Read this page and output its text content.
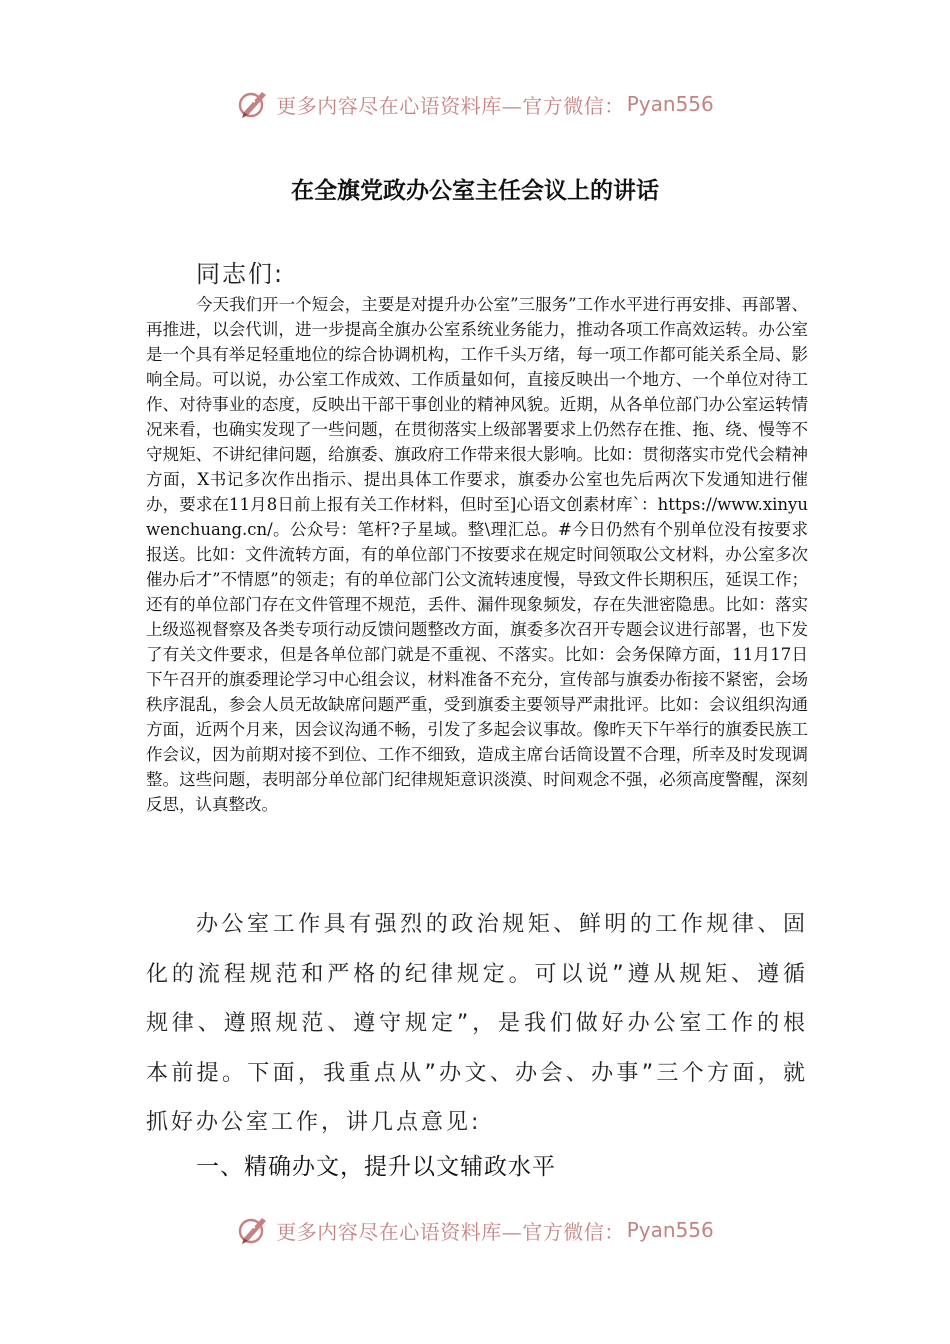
更多内容尽在心语资料库—官方微信： Pyan556
在全旗党政办公室主任会议上的讲话
同志们:

今天我们开一个短会，主要是对提升办公室”三服务”工作水平进行再安排、再部署、再推进，以会代训，进一步提高全旗办公室系统业务能力，推动各项工作高效运转。办公室是一个具有举足轻重地位的综合协调机构，工作千头万绪，每一项工作都可能关系全局、影响全局。可以说，办公室工作成效、工作质量如何，直接反映出一个地方、一个单位对待工作、对待事业的态度，反映出干部干事创业的精神风貌。近期，从各单位部门办公室运转情况来看，也确实发现了一些问题，在贯彻落实上级部署要求上仍然存在推、拖、绕、慢等不守规矩、不讲纪律问题，给旗委、旗政府工作带来很大影响。比如：贯彻落实市党代会精神方面，X书记多次作出指示、提出具体工作要求，旗委办公室也先后两次下发通知进行催办，要求在11月8日前上报有关工作材料，但时至]心语文创素材库`：https://www.xinyuwenchuang.cn/。公众号：笔杆?子星域。整\理汇总。#今日仍然有个别单位没有按要求报送。比如：文件流转方面，有的单位部门不按要求在规定时间领取公文材料，办公室多次催办后才”不情愿”的领走；有的单位部门公文流转速度慢，导致文件长期积压，延误工作；还有的单位部门存在文件管理不规范，丢件、漏件现象频发，存在失泄密隐患。比如：落实上级巡视督察及各类专项行动反馈问题整改方面，旗委多次召开专题会议进行部署，也下发了有关文件要求，但是各单位部门就是不重视、不落实。比如：会务保障方面，11月17日下午召开的旗委理论学习中心组会议，材料准备不充分，宣传部与旗委办衔接不紧密，会场秩序混乱，参会人员无故缺席问题严重，受到旗委主要领导严肃批评。比如：会议组织沟通方面，近两个月来，因会议沟通不畅，引发了多起会议事故。像昨天下午举行的旗委民族工作会议，因为前期对接不到位、工作不细致，造成主席台话筒设置不合理，所幸及时发现调整。这些问题，表明部分单位部门纪律规矩意识淡漠、时间观念不强，必须高度警醒，深刻反思，认真整改。

办公室工作具有强烈的政治规矩、鲜明的工作规律、固化的流程规范和严格的纪律规定。可以说”遵从规矩、遵循规律、遵照规范、遵守规定”，是我们做好办公室工作的根本前提。下面，我重点从”办文、办会、办事”三个方面，就抓好办公室工作，讲几点意见:

一、精确办文，提升以文辅政水平
更多内容尽在心语资料库—官方微信： Pyan556
